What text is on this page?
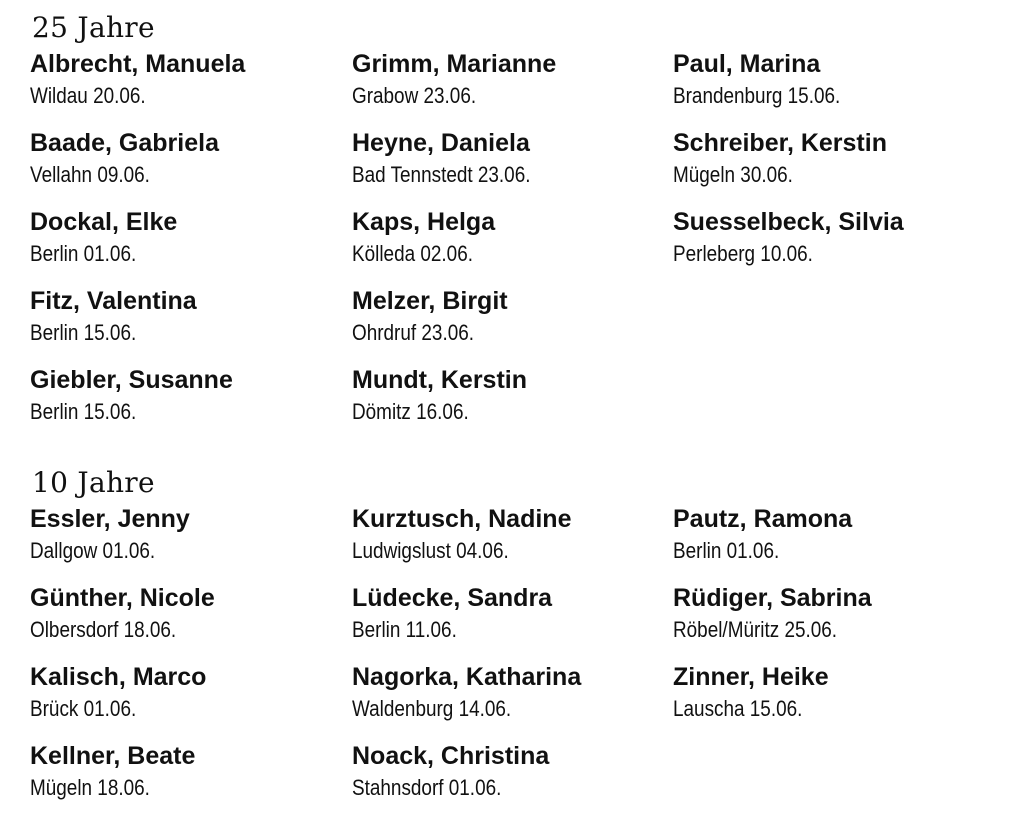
25 Jahre
Albrecht, Manuela
Wildau 20.06.
Baade, Gabriela
Vellahn 09.06.
Dockal, Elke
Berlin 01.06.
Fitz, Valentina
Berlin 15.06.
Giebler, Susanne
Berlin 15.06.
Grimm, Marianne
Grabow 23.06.
Heyne, Daniela
Bad Tennstedt 23.06.
Kaps, Helga
Kölleda 02.06.
Melzer, Birgit
Ohrdruf 23.06.
Mundt, Kerstin
Dömitz 16.06.
Paul, Marina
Brandenburg 15.06.
Schreiber, Kerstin
Mügeln 30.06.
Suesselbeck, Silvia
Perleberg 10.06.
10 Jahre
Essler, Jenny
Dallgow 01.06.
Günther, Nicole
Olbersdorf 18.06.
Kalisch, Marco
Brück 01.06.
Kellner, Beate
Mügeln 18.06.
Kurztusch, Nadine
Ludwigslust 04.06.
Lüdecke, Sandra
Berlin 11.06.
Nagorka, Katharina
Waldenburg 14.06.
Noack, Christina
Stahnsdorf 01.06.
Pautz, Ramona
Berlin 01.06.
Rüdiger, Sabrina
Röbel/Müritz 25.06.
Zinner, Heike
Lauscha 15.06.
